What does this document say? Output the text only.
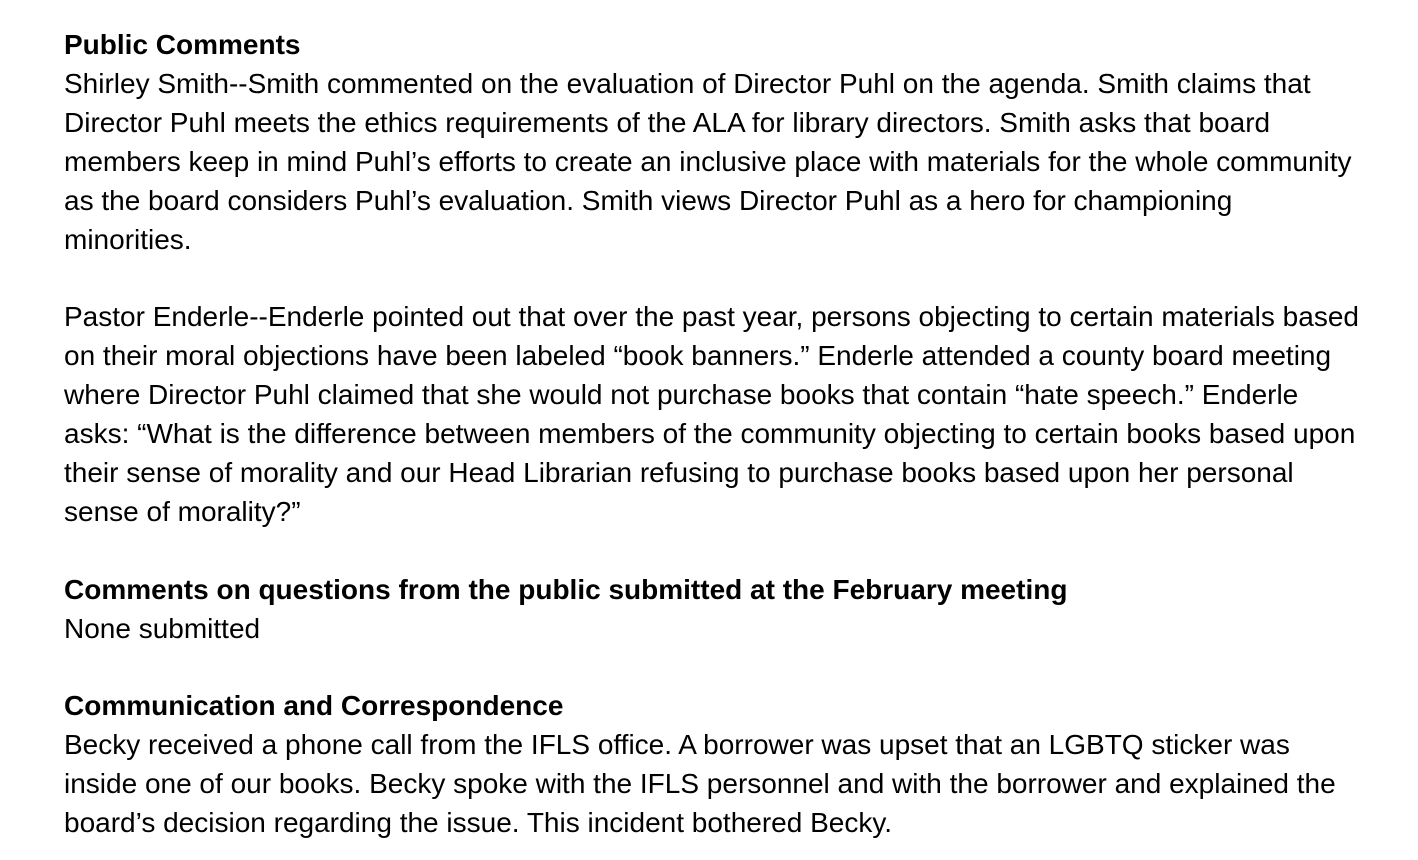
Public Comments

Shirley Smith--Smith commented on the evaluation of Director Puhl on the agenda. Smith claims that Director Puhl meets the ethics requirements of the ALA for library directors. Smith asks that board members keep in mind Puhl’s efforts to create an inclusive place with materials for the whole community as the board considers Puhl’s evaluation. Smith views Director Puhl as a hero for championing minorities.

Pastor Enderle--Enderle pointed out that over the past year, persons objecting to certain materials based on their moral objections have been labeled “book banners.” Enderle attended a county board meeting where Director Puhl claimed that she would not purchase books that contain “hate speech.” Enderle asks: “What is the difference between members of the community objecting to certain books based upon their sense of morality and our Head Librarian refusing to purchase books based upon her personal sense of morality?”

Comments on questions from the public submitted at the February meeting

None submitted

Communication and Correspondence

Becky received a phone call from the IFLS office. A borrower was upset that an LGBTQ sticker was inside one of our books. Becky spoke with the IFLS personnel and with the borrower and explained the board’s decision regarding the issue. This incident bothered Becky.
